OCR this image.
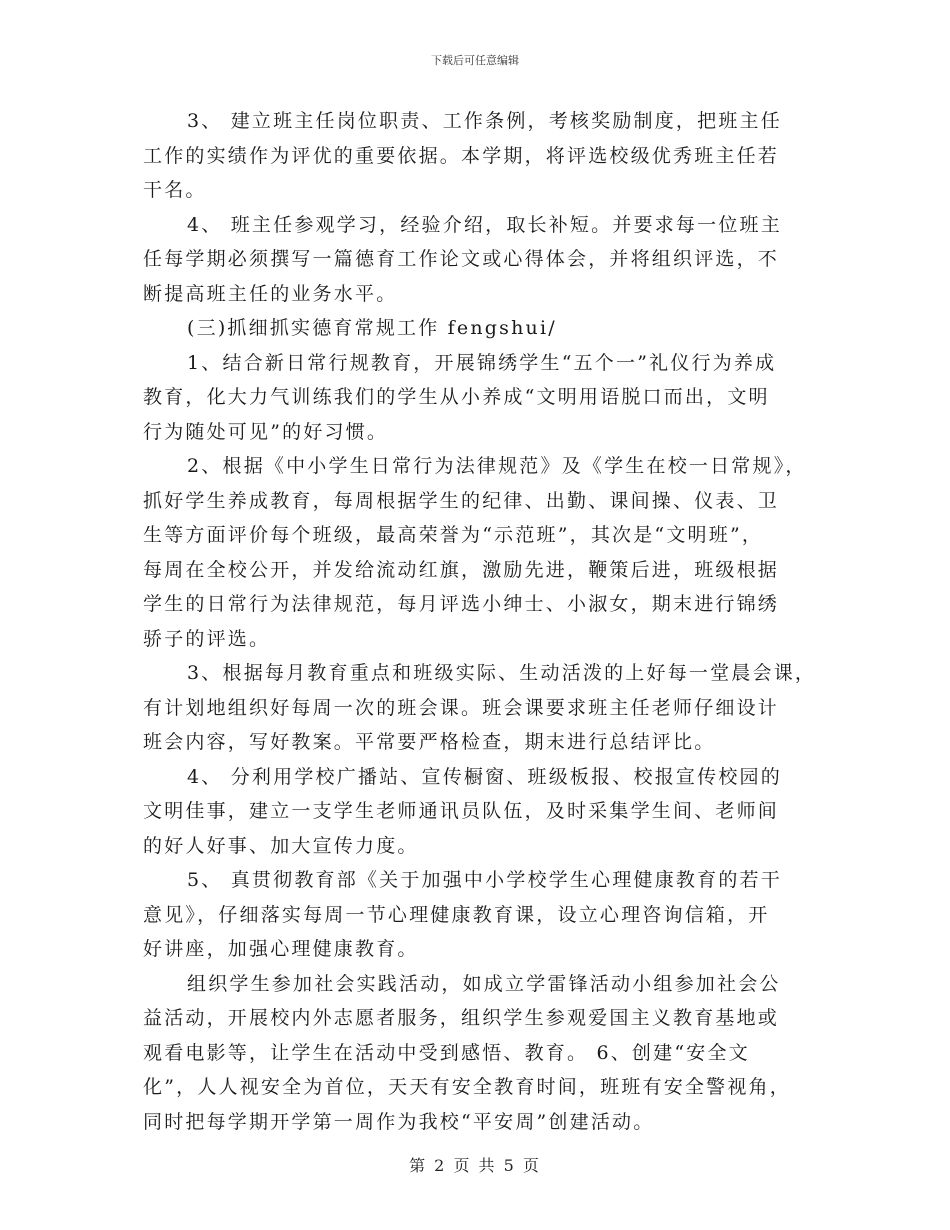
下载后可任意编辑
3、 建立班主任岗位职责、工作条例，考核奖励制度，把班主任
工作的实绩作为评优的重要依据。本学期，将评选校级优秀班主任若
干名。
4、 班主任参观学习，经验介绍，取长补短。并要求每一位班主
任每学期必须撰写一篇德育工作论文或心得体会，并将组织评选，不
断提高班主任的业务水平。
(三)抓细抓实德育常规工作 fengshui/
1、结合新日常行规教育，开展锦绣学生“五个一”礼仪行为养成
教育，化大力气训练我们的学生从小养成“文明用语脱口而出，文明
行为随处可见”的好习惯。
2、根据《中小学生日常行为法律规范》及《学生在校一日常规》，
抓好学生养成教育，每周根据学生的纪律、出勤、课间操、仪表、卫
生等方面评价每个班级，最高荣誉为“示范班”，其次是“文明班”，
每周在全校公开，并发给流动红旗，激励先进，鞭策后进，班级根据
学生的日常行为法律规范，每月评选小绅士、小淑女，期末进行锦绣
骄子的评选。
3、根据每月教育重点和班级实际、生动活泼的上好每一堂晨会课，
有计划地组织好每周一次的班会课。班会课要求班主任老师仔细设计
班会内容，写好教案。平常要严格检查，期末进行总结评比。
4、 分利用学校广播站、宣传橱窗、班级板报、校报宣传校园的
文明佳事，建立一支学生老师通讯员队伍，及时采集学生间、老师间
的好人好事、加大宣传力度。
5、 真贯彻教育部《关于加强中小学校学生心理健康教育的若干
意见》，仔细落实每周一节心理健康教育课，设立心理咨询信箱，开
好讲座，加强心理健康教育。
组织学生参加社会实践活动，如成立学雷锋活动小组参加社会公
益活动，开展校内外志愿者服务，组织学生参观爱国主义教育基地或
观看电影等，让学生在活动中受到感悟、教育。 6、创建“安全文
化”，人人视安全为首位，天天有安全教育时间，班班有安全警视角，
同时把每学期开学第一周作为我校“平安周”创建活动。
第 2 页 共 5 页
